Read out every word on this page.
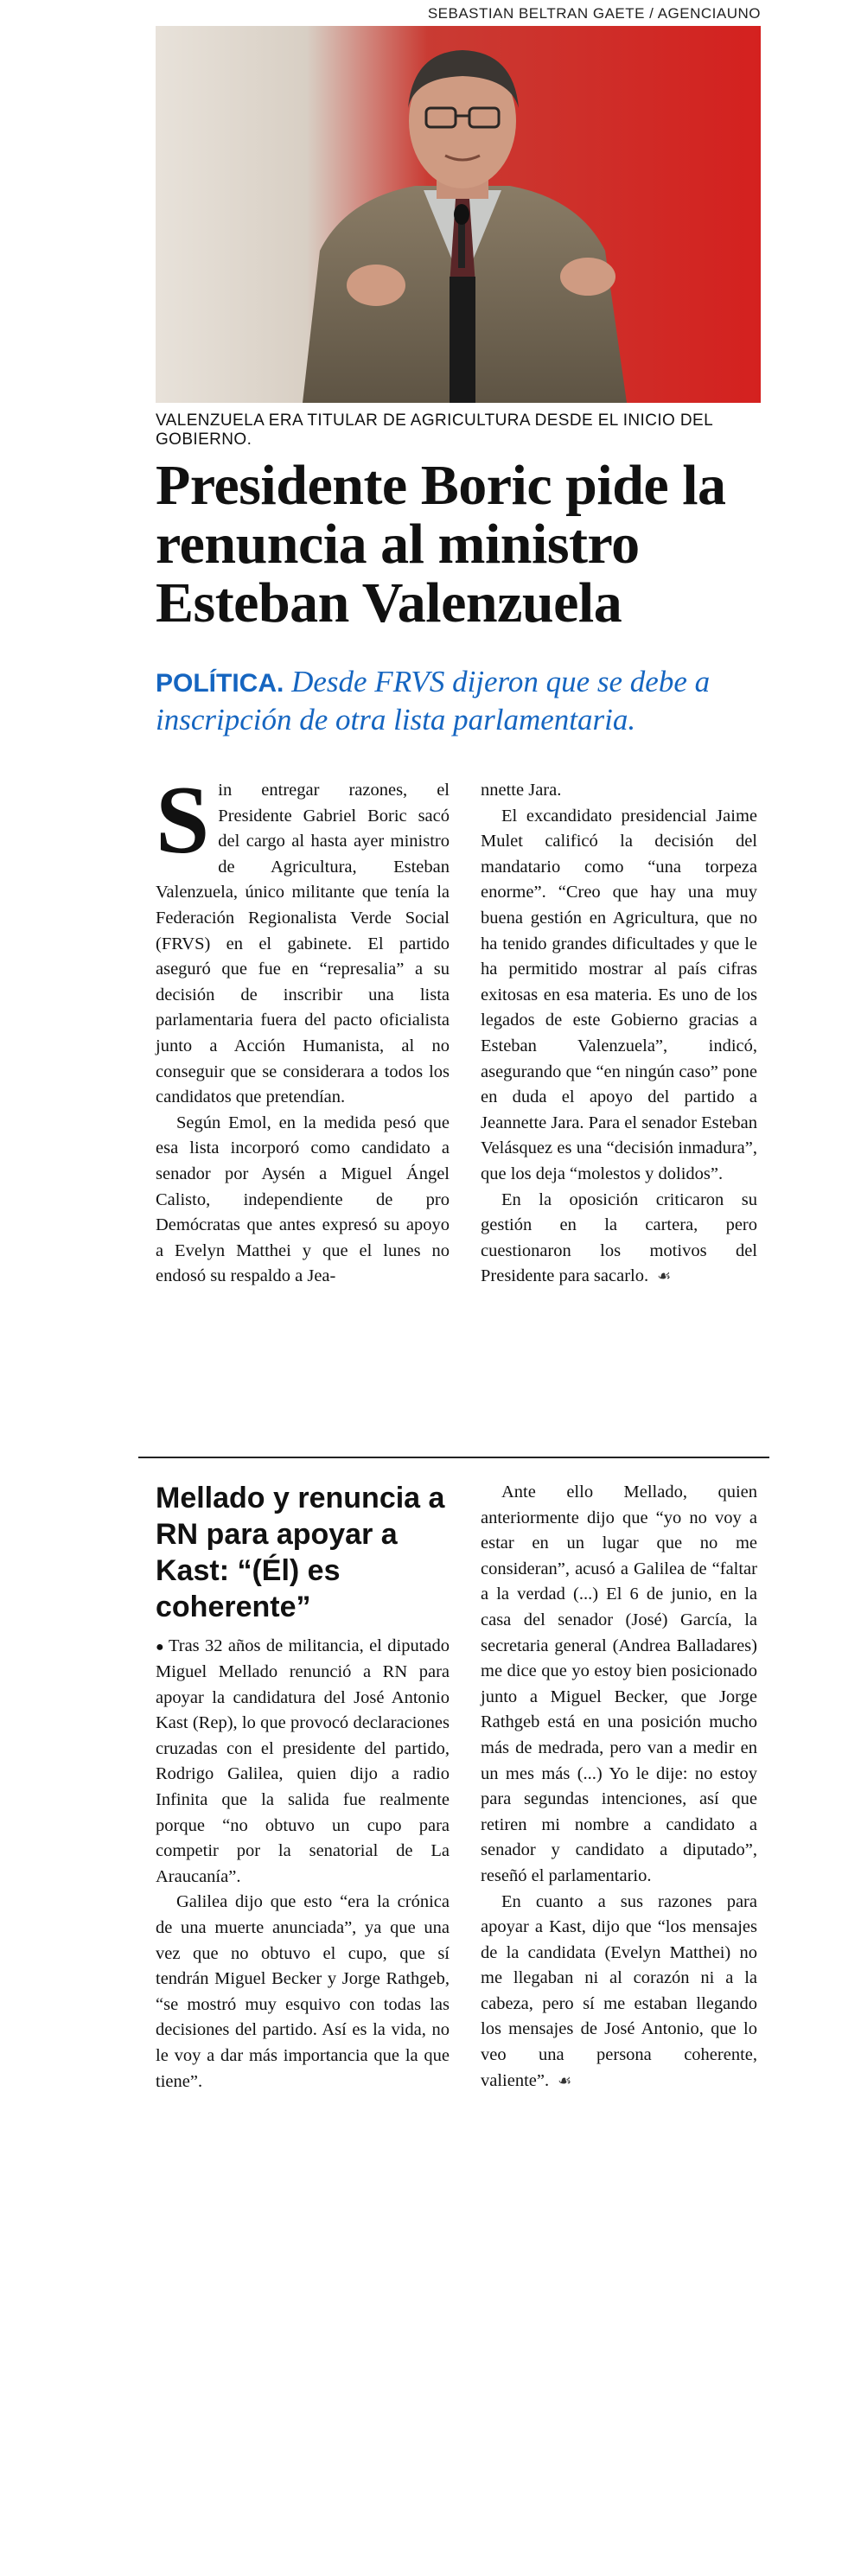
SEBASTIAN BELTRAN GAETE / AGENCIAUNO
VALENZUELA ERA TITULAR DE AGRICULTURA DESDE EL INICIO DEL GOBIERNO.
Presidente Boric pide la renuncia al ministro Esteban Valenzuela
POLÍTICA. Desde FRVS dijeron que se debe a inscripción de otra lista parlamentaria.
S in entregar razones, el Presidente Gabriel Boric sacó del cargo al hasta ayer ministro de Agricultura, Esteban Valenzuela, único militante que tenía la Federación Regionalista Verde Social (FRVS) en el gabinete. El partido aseguró que fue en “represalia” a su decisión de inscribir una lista parlamentaria fuera del pacto oficialista junto a Acción Humanista, al no conseguir que se considerara a todos los candidatos que pretendían.

Según Emol, en la medida pesó que esa lista incorporó como candidato a senador por Aysén a Miguel Ángel Calisto, independiente de pro Demócratas que antes expresó su apoyo a Evelyn Matthei y que el lunes no endosó su respaldo a Jea-

nnette Jara.

El excandidato presidencial Jaime Mulet calificó la decisión del mandatario como “una torpeza enorme”. “Creo que hay una muy buena gestión en Agricultura, que no ha tenido grandes dificultades y que le ha permitido mostrar al país cifras exitosas en esa materia. Es uno de los legados de este Gobierno gracias a Esteban Valenzuela”, indicó, asegurando que “en ningún caso” pone en duda el apoyo del partido a Jeannette Jara. Para el senador Esteban Velásquez es una “decisión inmadura”, que los deja “molestos y dolidos”.

En la oposición criticaron su gestión en la cartera, pero cuestionaron los motivos del Presidente para sacarlo. ☙

Mellado y renuncia a RN para apoyar a Kast: “(Él) es coherente”

● Tras 32 años de militancia, el diputado Miguel Mellado renunció a RN para apoyar la candidatura del José Antonio Kast (Rep), lo que provocó declaraciones cruzadas con el presidente del partido, Rodrigo Galilea, quien dijo a radio Infinita que la salida fue realmente porque “no obtuvo un cupo para competir por la senatorial de La Araucanía”.

Galilea dijo que esto “era la crónica de una muerte anunciada”, ya que una vez que no obtuvo el cupo, que sí tendrán Miguel Becker y Jorge Rathgeb, “se mostró muy esquivo con todas las decisiones del partido. Así es la vida, no le voy a dar más importancia que la que tiene”.

Ante ello Mellado, quien anteriormente dijo que “yo no voy a estar en un lugar que no me consideran”, acusó a Galilea de “faltar a la verdad (...) El 6 de junio, en la casa del senador (José) García, la secretaria general (Andrea Balladares) me dice que yo estoy bien posicionado junto a Miguel Becker, que Jorge Rathgeb está en una posición mucho más de medrada, pero van a medir en un mes más (...) Yo le dije: no estoy para segundas intenciones, así que retiren mi nombre a candidato a senador y candidato a diputado”, reseñó el parlamentario.

En cuanto a sus razones para apoyar a Kast, dijo que “los mensajes de la candidata (Evelyn Matthei) no me llegaban ni al corazón ni a la cabeza, pero sí me estaban llegando los mensajes de José Antonio, que lo veo una persona coherente, valiente”. ☙
